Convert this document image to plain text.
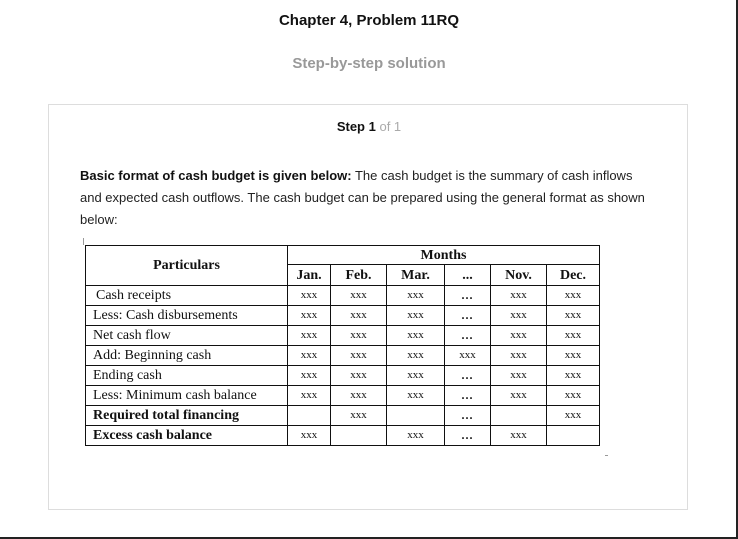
Chapter 4, Problem 11RQ
Step-by-step solution
Step 1 of 1
Basic format of cash budget is given below: The cash budget is the summary of cash inflows and expected cash outflows. The cash budget can be prepared using the general format as shown below:
Particulars	Months					
	Jan.	Feb.	Mar.	...	Nov.	Dec.
Cash receipts	xxx	xxx	xxx	...	xxx	xxx
Less: Cash disbursements	xxx	xxx	xxx	...	xxx	xxx
Net cash flow	xxx	xxx	xxx	...	xxx	xxx
Add: Beginning cash	xxx	xxx	xxx	xxx	xxx	xxx
Ending cash	xxx	xxx	xxx	...	xxx	xxx
Less: Minimum cash balance	xxx	xxx	xxx	...	xxx	xxx
Required total financing		xxx		...		xxx
Excess cash balance	xxx		xxx	...	xxx	
